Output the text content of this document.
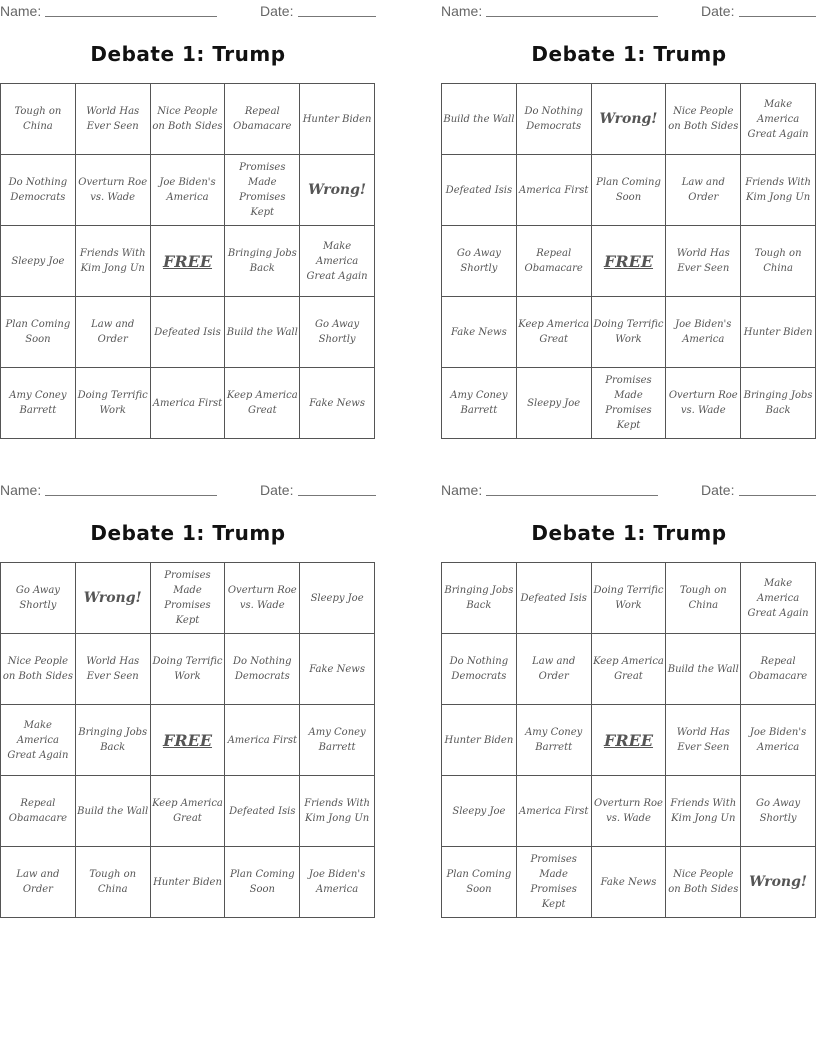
Name:	Date:
Debate 1: Trump
Tough on China	World Has Ever Seen	Nice People on Both Sides	Repeal Obamacare	Hunter Biden
Do Nothing Democrats	Overturn Roe vs. Wade	Joe Biden's America	Promises Made Promises Kept	Wrong!
Sleepy Joe	Friends With Kim Jong Un	FREE	Bringing Jobs Back	Make America Great Again
Plan Coming Soon	Law and Order	Defeated Isis	Build the Wall	Go Away Shortly
Amy Coney Barrett	Doing Terrific Work	America First	Keep America Great	Fake News
Name:	Date:
Debate 1: Trump
Build the Wall	Do Nothing Democrats	Wrong!	Nice People on Both Sides	Make America Great Again
Defeated Isis	America First	Plan Coming Soon	Law and Order	Friends With Kim Jong Un
Go Away Shortly	Repeal Obamacare	FREE	World Has Ever Seen	Tough on China
Fake News	Keep America Great	Doing Terrific Work	Joe Biden's America	Hunter Biden
Amy Coney Barrett	Sleepy Joe	Promises Made Promises Kept	Overturn Roe vs. Wade	Bringing Jobs Back
Name:	Date:
Debate 1: Trump
Go Away Shortly	Wrong!	Promises Made Promises Kept	Overturn Roe vs. Wade	Sleepy Joe
Nice People on Both Sides	World Has Ever Seen	Doing Terrific Work	Do Nothing Democrats	Fake News
Make America Great Again	Bringing Jobs Back	FREE	America First	Amy Coney Barrett
Repeal Obamacare	Build the Wall	Keep America Great	Defeated Isis	Friends With Kim Jong Un
Law and Order	Tough on China	Hunter Biden	Plan Coming Soon	Joe Biden's America
Name:	Date:
Debate 1: Trump
Bringing Jobs Back	Defeated Isis	Doing Terrific Work	Tough on China	Make America Great Again
Do Nothing Democrats	Law and Order	Keep America Great	Build the Wall	Repeal Obamacare
Hunter Biden	Amy Coney Barrett	FREE	World Has Ever Seen	Joe Biden's America
Sleepy Joe	America First	Overturn Roe vs. Wade	Friends With Kim Jong Un	Go Away Shortly
Plan Coming Soon	Promises Made Promises Kept	Fake News	Nice People on Both Sides	Wrong!
